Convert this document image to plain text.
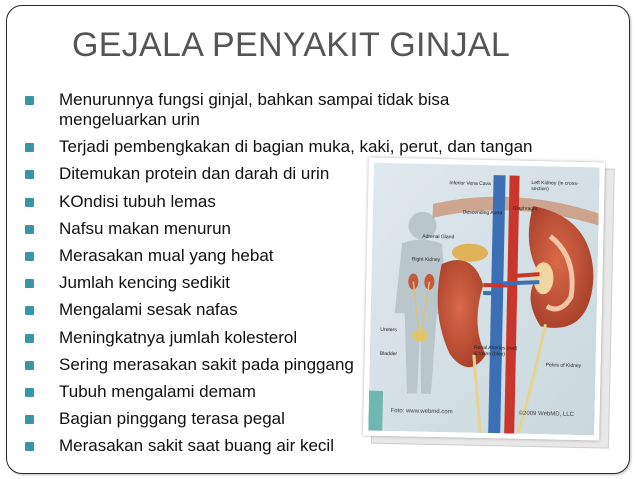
GEJALA PENYAKIT GINJAL
Menurunnya fungsi ginjal, bahkan sampai tidak bisa mengeluarkan urin
Terjadi pembengkakan di bagian muka, kaki, perut, dan tangan
Ditemukan protein dan darah di urin
KOndisi tubuh lemas
Nafsu makan menurun
Merasakan mual yang hebat
Jumlah kencing sedikit
Mengalami sesak nafas
Meningkatnya jumlah kolesterol
Sering merasakan sakit pada pinggang
Tubuh mengalami demam
Bagian pinggang terasa pegal
Merasakan sakit saat buang air kecil
Inferior Vena Cava
Descending Aorta
Diaphragm
Left Kidney (in cross-section)
Adrenal Gland
Right Kidney
Ureters
Bladder
Renal Arteries (red) & Veins (blue)
Pelvis of Kidney
Foto: www.webmd.com	©2009 WebMD, LLC
